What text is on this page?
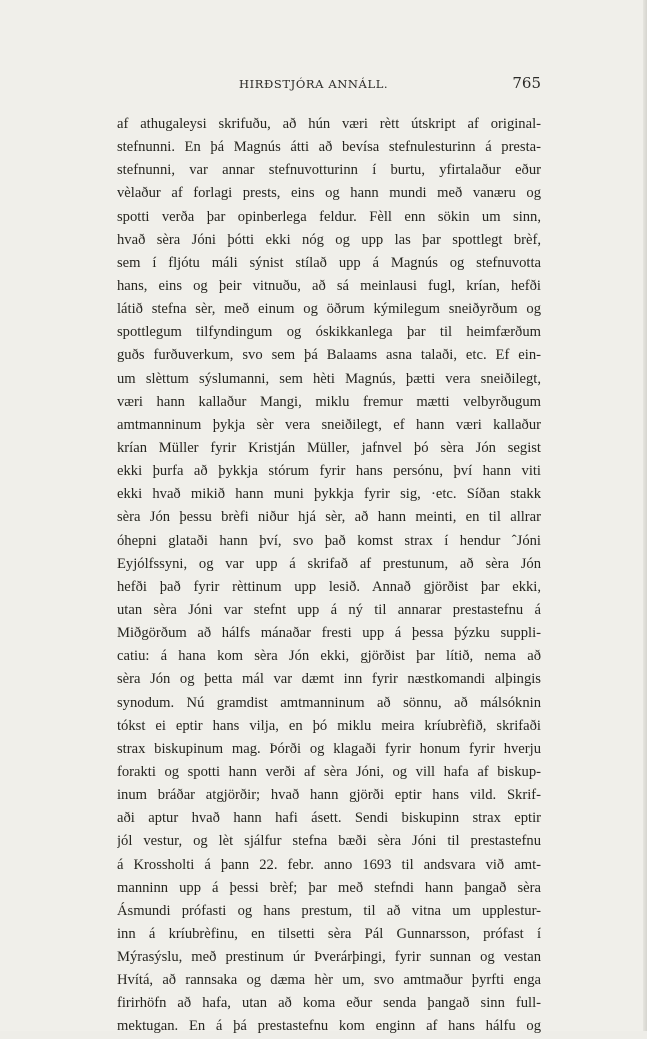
HIRÐSTJÓRA ANNÁLL.	765
af athugaleysi skrifuðu, að hún væri rètt útskript af original-
stefnunni. En þá Magnús átti að bevísa stefnulesturinn á presta-
stefnunni, var annar stefnuvotturinn í burtu, yfirtalaður eður
vèlaður af forlagi prests, eins og hann mundi með vanæru og
spotti verða þar opinberlega feldur. Fèll enn sökin um sinn,
hvað sèra Jóni þótti ekki nóg og upp las þar spottlegt brèf,
sem í fljótu máli sýnist stílað upp á Magnús og stefnuvotta
hans, eins og þeir vitnuðu, að sá meinlausi fugl, krían, hefði
látið stefna sèr, með einum og öðrum kýmilegum sneiðyrðum og
spottlegum tilfyndingum og óskikkanlega þar til heimfærðum
guðs furðuverkum, svo sem þá Balaams asna talaði, etc. Ef ein-
um slèttum sýslumanni, sem hèti Magnús, þætti vera sneiðilegt,
væri hann kallaður Mangi, miklu fremur mætti velbyrðugum
amtmanninum þykja sèr vera sneiðilegt, ef hann væri kallaður
krían Müller fyrir Kristján Müller, jafnvel þó sèra Jón segist
ekki þurfa að þykkja stórum fyrir hans persónu, því hann viti
ekki hvað mikið hann muni þykkja fyrir sig, ·etc. Síðan stakk
sèra Jón þessu brèfi niður hjá sèr, að hann meinti, en til allrar
óhepni glataði hann því, svo það komst strax í hendur ˆJóni
Eyjólfssyni, og var upp á skrifað af prestunum, að sèra Jón
hefði það fyrir rèttinum upp lesið. Annað gjörðist þar ekki,
utan sèra Jóni var stefnt upp á ný til annarar prestastefnu á
Miðgörðum að hálfs mánaðar fresti upp á þessa þýzku suppli-
catiu: á hana kom sèra Jón ekki, gjörðist þar lítið, nema að
sèra Jón og þetta mál var dæmt inn fyrir næstkomandi alþingis
synodum. Nú gramdist amtmanninum að sönnu, að málsóknin
tókst ei eptir hans vilja, en þó miklu meira kríubrèfið, skrifaði
strax biskupinum mag. Þórði og klagaði fyrir honum fyrir hverju
forakti og spotti hann verði af sèra Jóni, og vill hafa af biskup-
inum bráðar atgjörðir; hvað hann gjörði eptir hans vild. Skrif-
aði aptur hvað hann hafi ásett. Sendi biskupinn strax eptir
jól vestur, og lèt sjálfur stefna bæði sèra Jóni til prestastefnu
á Krossholti á þann 22. febr. anno 1693 til andsvara við amt-
manninn upp á þessi brèf; þar með stefndi hann þangað sèra
Ásmundi prófasti og hans prestum, til að vitna um upplestur-
inn á kríubrèfinu, en tilsetti sèra Pál Gunnarsson, prófast í
Mýrasýslu, með prestinum úr Þverárþingi, fyrir sunnan og vestan
Hvítá, að rannsaka og dæma hèr um, svo amtmaður þyrfti enga
firirhöfn að hafa, utan að koma eður senda þangað sinn full-
mektugan. En á þá prestastefnu kom enginn af hans hálfu og
